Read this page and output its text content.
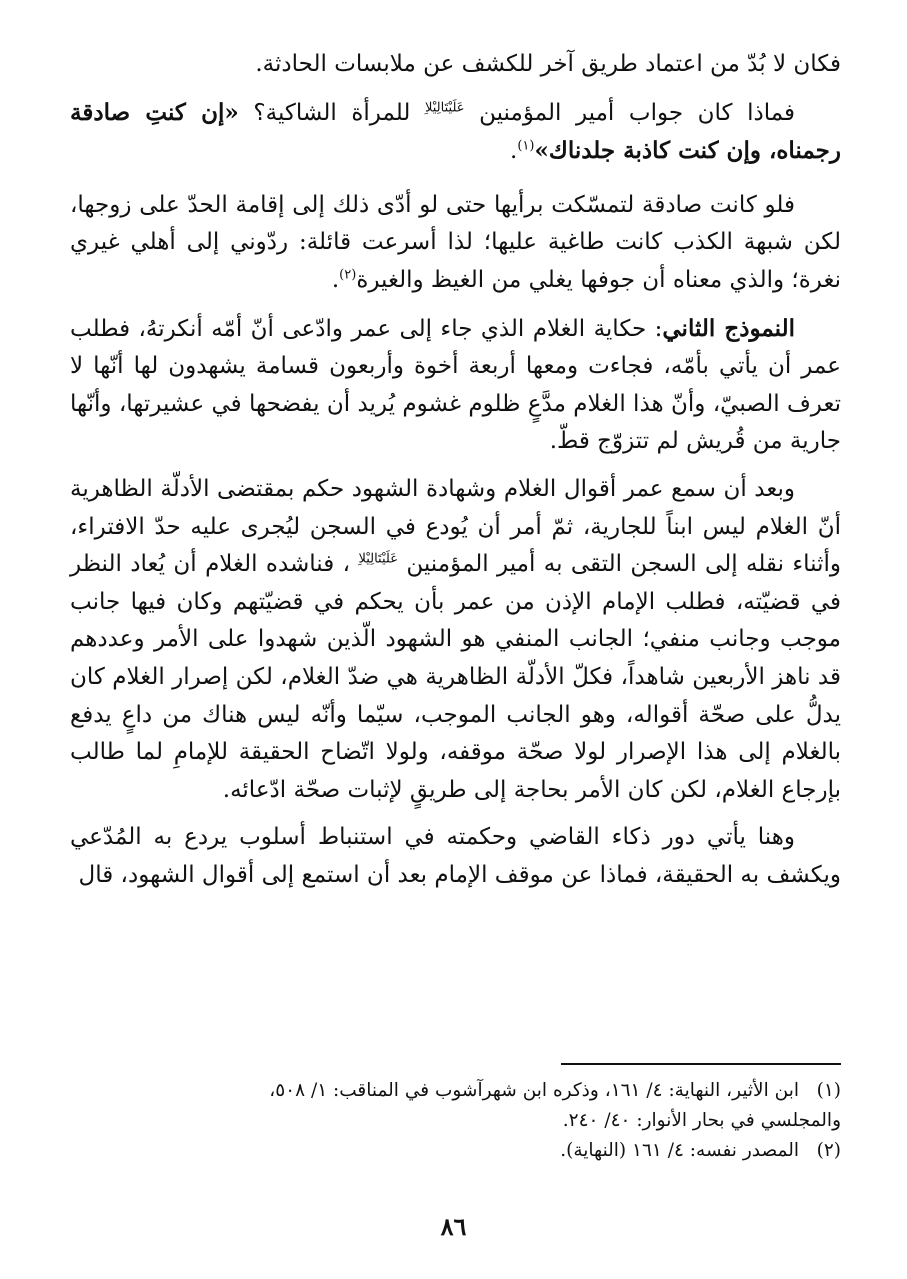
فكان لا بُدّ من اعتماد طريق آخر للكشف عن ملابسات الحادثة.

فماذا كان جواب أمير المؤمنين $^{عَلَيْتَالِيْلاِ}$ للمرأة الشاكية؟ «إن كنتِ صادقة رجمناه، وإن كنت كاذبة جلدناك»$^{(١)}$.

فلو كانت صادقة لتمسّكت برأيها حتى لو أدّى ذلك إلى إقامة الحدّ على زوجها، لكن شبهة الكذب كانت طاغية عليها؛ لذا أسرعت قائلة: ردّوني إلى أهلي غيري نغرة؛ والذي معناه أن جوفها يغلي من الغيظ والغيرة$^{(٢)}$.

النموذج الثاني: حكاية الغلام الذي جاء إلى عمر وادّعى أنّ أمّه أنكرتهُ، فطلب عمر أن يأتي بأمّه، فجاءت ومعها أربعة أخوة وأربعون قسامة يشهدون لها أنّها لا تعرف الصبيّ، وأنّ هذا الغلام مدَّعٍ ظلوم غشوم يُريد أن يفضحها في عشيرتها، وأنّها جارية من قُريش لم تتزوّج قطّ.

وبعد أن سمع عمر أقوال الغلام وشهادة الشهود حكم بمقتضى الأدلّة الظاهرية أنّ الغلام ليس ابناً للجارية، ثمّ أمر أن يُودع في السجن ليُجرى عليه حدّ الافتراء، وأثناء نقله إلى السجن التقى به أمير المؤمنين $^{عَلَيْتَالِيْلاِ}$ ، فناشده الغلام أن يُعاد النظر في قضيّته، فطلب الإمام الإذن من عمر بأن يحكم في قضيّتهم وكان فيها جانب موجب وجانب منفي؛ الجانب المنفي هو الشهود الّذين شهدوا على الأمر وعددهم قد ناهز الأربعين شاهداً، فكلّ الأدلّة الظاهرية هي ضدّ الغلام، لكن إصرار الغلام كان يدلُّ على صحّة أقواله، وهو الجانب الموجب، سيّما وأنّه ليس هناك من داعٍ يدفع بالغلام إلى هذا الإصرار لولا صحّة موقفه، ولولا اتّضاح الحقيقة للإمامِ لما طالب بإرجاع الغلام، لكن كان الأمر بحاجة إلى طريقٍ لإثبات صحّة ادّعائه.

وهنا يأتي دور ذكاء القاضي وحكمته في استنباط أسلوب يردع به المُدّعي ويكشف به الحقيقة، فماذا عن موقف الإمام بعد أن استمع إلى أقوال الشهود، قال

(١)ابن الأثير، النهاية: ٤/ ١٦١، وذكره ابن شهرآشوب في المناقب: ١/ ٥٠٨،

والمجلسي في بحار الأنوار: ٤٠/ ٢٤٠.

(٢)المصدر نفسه: ٤/ ١٦١ (النهاية).

٨٦
